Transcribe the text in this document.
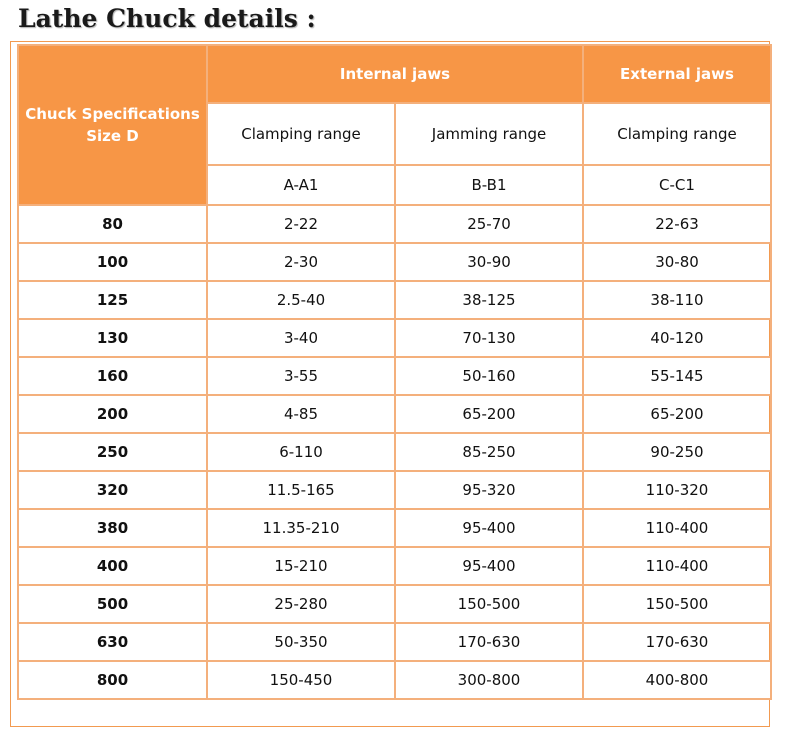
Lathe Chuck details :
Chuck Specifications
Size D	Internal jaws		External jaws
	Clamping range	Jamming range	Clamping range
	A-A1	B-B1	C-C1
80	2-22	25-70	22-63
100	2-30	30-90	30-80
125	2.5-40	38-125	38-110
130	3-40	70-130	40-120
160	3-55	50-160	55-145
200	4-85	65-200	65-200
250	6-110	85-250	90-250
320	11.5-165	95-320	110-320
380	11.35-210	95-400	110-400
400	15-210	95-400	110-400
500	25-280	150-500	150-500
630	50-350	170-630	170-630
800	150-450	300-800	400-800
